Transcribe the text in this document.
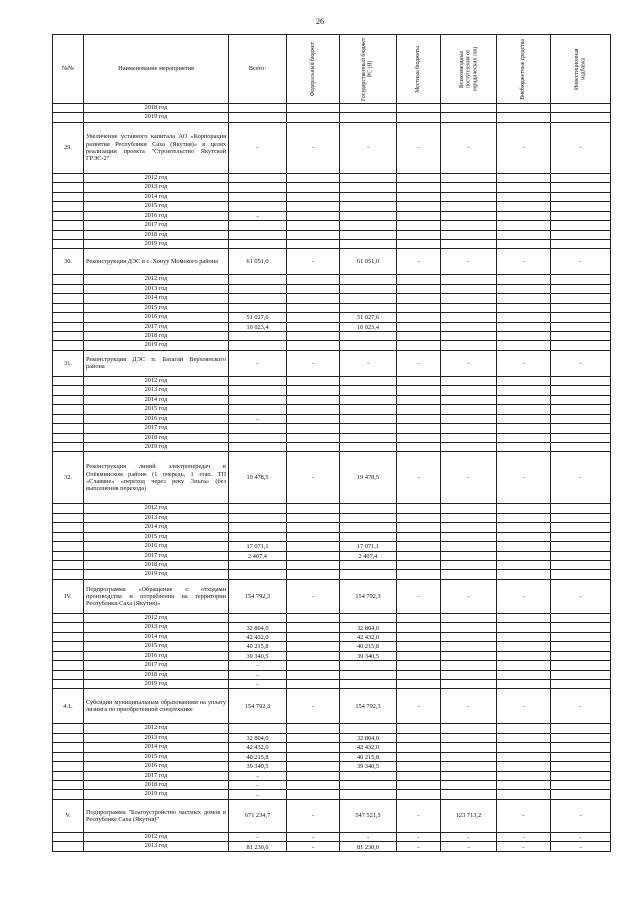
26
№№	Наименование мероприятия	Всего:	Федеральный бюджет	Государственный бюджет РС (Я)	Местные бюджеты	Безвозмездные поступления от юридических лиц	Внебюджетные средства	Инвестиционная надбавка

	2018 год							
	2019 год							
29.	Увеличение уставного капитала АО «Корпорация развития Республики Саха (Якутия)» в целях реализации проекта "Строительство Якутской ГРЭС-2"	-	-	-	-	-	-	-
	2012 год							
	2013 год							
	2014 год							
	2015 год							
	2016 год	-						
	2017 год							
	2018 год							
	2019 год							
30.	Реконструкция ДЭС в с. Хонуу Момского района	61 051,0	-	61 051,0	-	-	-	-
	2012 год							
	2013 год							
	2014 год							
	2015 год							
	2016 год	51 027,6		51 027,6				
	2017 год	10 023,4		10 023,4				
	2018 год							
	2019 год							
31.	Реконструкция ДЭС п. Батагай Верхоянского района	-	-	-	-	-	-	-
	2012 год							
	2013 год							
	2014 год							
	2015 год							
	2016 год	-						
	2017 год							
	2018 год							
	2019 год							
32.	Реконструкция линий электропередач в Олёкминском районе (1 очередь, 1 этап. ТП «Славяне» «переход через реку Эльга» (без выполнения перехода)	19 478,5	-	19 478,5	-	-	-	-
	2012 год							
	2013 год							
	2014 год							
	2015 год							
	2016 год	17 071,1		17 071,1				
	2017 год	2 407,4		2 407,4				
	2018 год							
	2019 год							
IV.	Подпрограмма «Обращение с отходами производства и потребления на территории Республики Саха (Якутия)»	154 792,3	-	154 792,3	-	-	-	-
	2012 год							
	2013 год	32 804,0		32 804,0				
	2014 год	42 432,0		42 432,0				
	2015 год	40 215,8		40 215,8				
	2016 год	39 340,5		39 340,5				
	2017 год	-						
	2018 год	-						
	2019 год	-						
4.1.	Субсидии муниципальным образованиям на уплату лизинга по приобретенной спецтехнике	154 792,3	-	154 792,3	-	-	-	-
	2012 год							
	2013 год	32 804,0		32 804,0				
	2014 год	42 432,0		42 432,0				
	2015 год	40 215,8		40 215,8				
	2016 год	39 340,5		39 340,5				
	2017 год	-						
	2018 год	-						
	2019 год	-						
V.	Подпрограмма "Благоустройство частных домов в Республике Саха (Якутия)"	671 234,7	-	547 521,5	-	123 713,2	-	-
	2012 год	-	-	-	-	-	-	-
	2013 год	81 230,0	-	81 230,0	-	-	-	-
